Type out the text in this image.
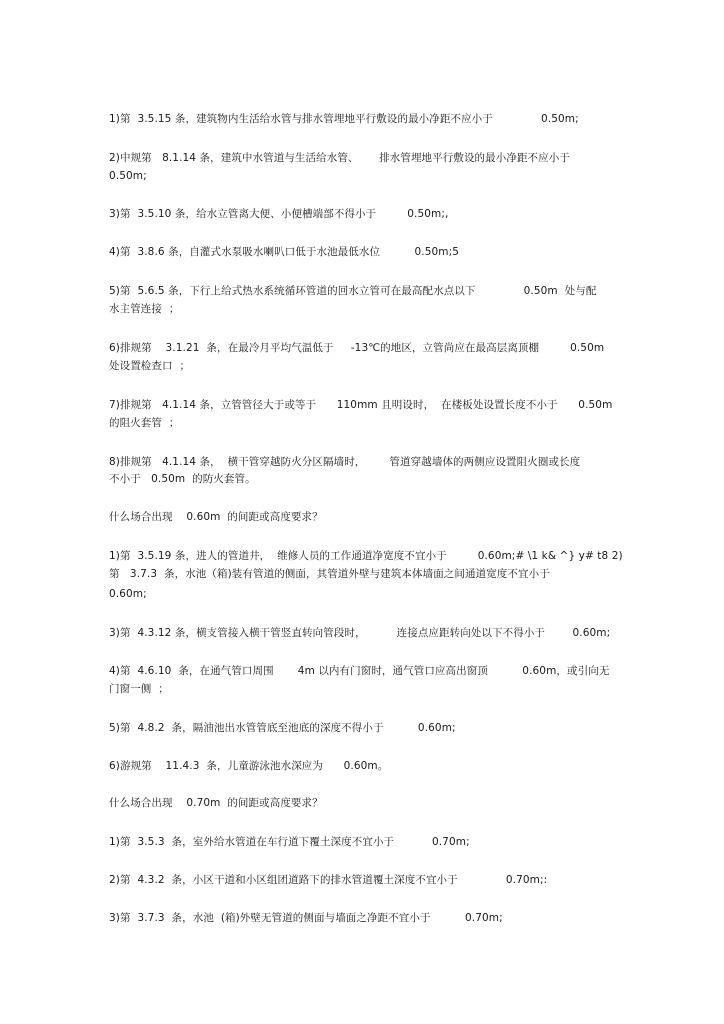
1)第  3.5.15 条，建筑物内生活给水管与排水管埋地平行敷设的最小净距不应小于              0.50m;
2)中规第   8.1.14 条，建筑中水管道与生活给水管、      排水管埋地平行敷设的最小净距不应小于
0.50m;
3)第  3.5.10 条，给水立管离大便、小便槽端部不得小于         0.50m;,
4)第  3.8.6 条，自灌式水泵吸水喇叭口低于水池最低水位          0.50m;5
5)第  5.6.5 条，下行上给式热水系统循环管道的回水立管可在最高配水点以下              0.50m  处与配
水主管连接  ；
6)排规第    3.1.21  条，在最冷月平均气温低于     -13℃的地区，立管尚应在最高层离顶棚         0.50m
处设置检查口  ；
7)排规第   4.1.14 条，立管管径大于或等于      110mm 且明设时，  在楼板处设置长度不小于      0.50m
的阻火套管  ；
8)排规第   4.1.14 条，  横干管穿越防火分区隔墙时，       管道穿越墙体的两侧应设置阻火圈或长度
不小于   0.50m  的防火套管。
什么场合出现    0.60m  的间距或高度要求？
1)第  3.5.19 条，进人的管道井，  维修人员的工作通道净宽度不宜小于         0.60m;# \1 k& ^} y# t8 2)
第   3.7.3  条，水池（箱)装有管道的侧面，其管道外壁与建筑本体墙面之间通道宽度不宜小于
0.60m;
3)第  4.3.12 条，横支管接入横干管竖直转向管段时，         连接点应距转向处以下不得小于        0.60m;
4)第  4.6.10  条，在通气管口周围       4m 以内有门窗时，通气管口应高出窗顶          0.60m，或引向无
门窗一侧  ；
5)第  4.8.2  条，隔油池出水管管底至池底的深度不得小于          0.60m;
6)游规第    11.4.3  条，儿童游泳池水深应为      0.60m。
什么场合出现    0.70m  的间距或高度要求？
1)第  3.5.3  条，室外给水管道在车行道下覆土深度不宜小于           0.70m;
2)第  4.3.2  条，小区干道和小区组团道路下的排水管道覆土深度不宜小于              0.70m;:
3)第  3.7.3  条，水池  (箱)外壁无管道的侧面与墙面之净距不宜小于          0.70m;
